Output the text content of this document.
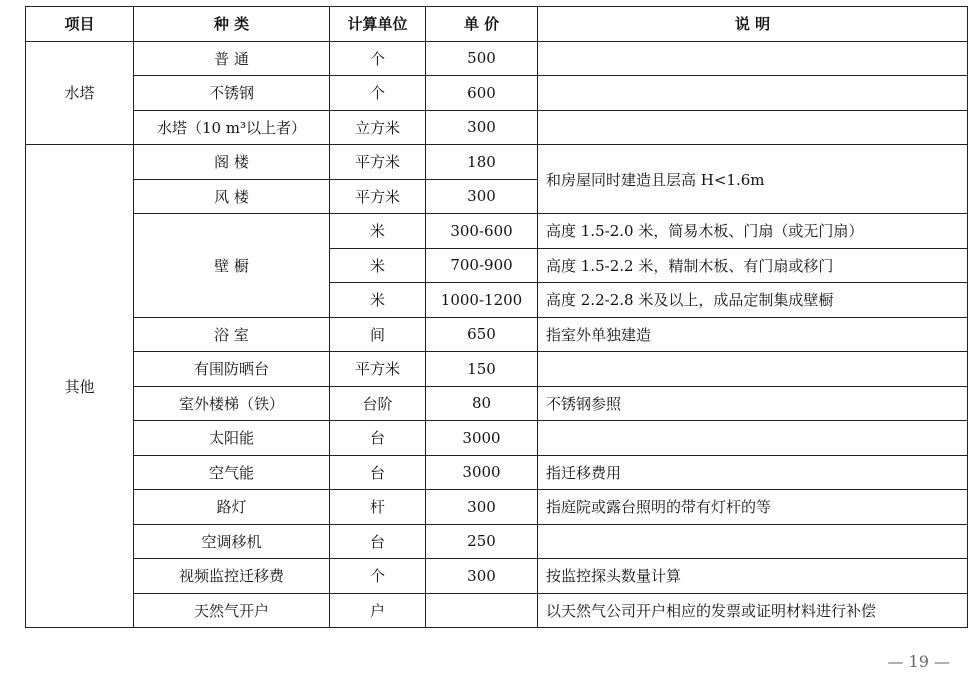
项目	种 类	计算单位	单 价	说 明
水塔	普 通	个	500	
	不锈钢	个	600	
	水塔（10 m³以上者）	立方米	300	
其他	阁 楼	平方米	180	和房屋同时建造且层高 H<1.6m
	风 楼	平方米	300	
	壁 橱	米	300-600	高度 1.5-2.0 米，简易木板、门扇（或无门扇）
		米	700-900	高度 1.5-2.2 米，精制木板、有门扇或移门
		米	1000-1200	高度 2.2-2.8 米及以上，成品定制集成壁橱
	浴 室	间	650	指室外单独建造
	有围防晒台	平方米	150	
	室外楼梯（铁）	台阶	80	不锈钢参照
	太阳能	台	3000	
	空气能	台	3000	指迁移费用
	路灯	杆	300	指庭院或露台照明的带有灯杆的等
	空调移机	台	250	
	视频监控迁移费	个	300	按监控探头数量计算
	天然气开户	户		以天然气公司开户相应的发票或证明材料进行补偿
— 19 —
